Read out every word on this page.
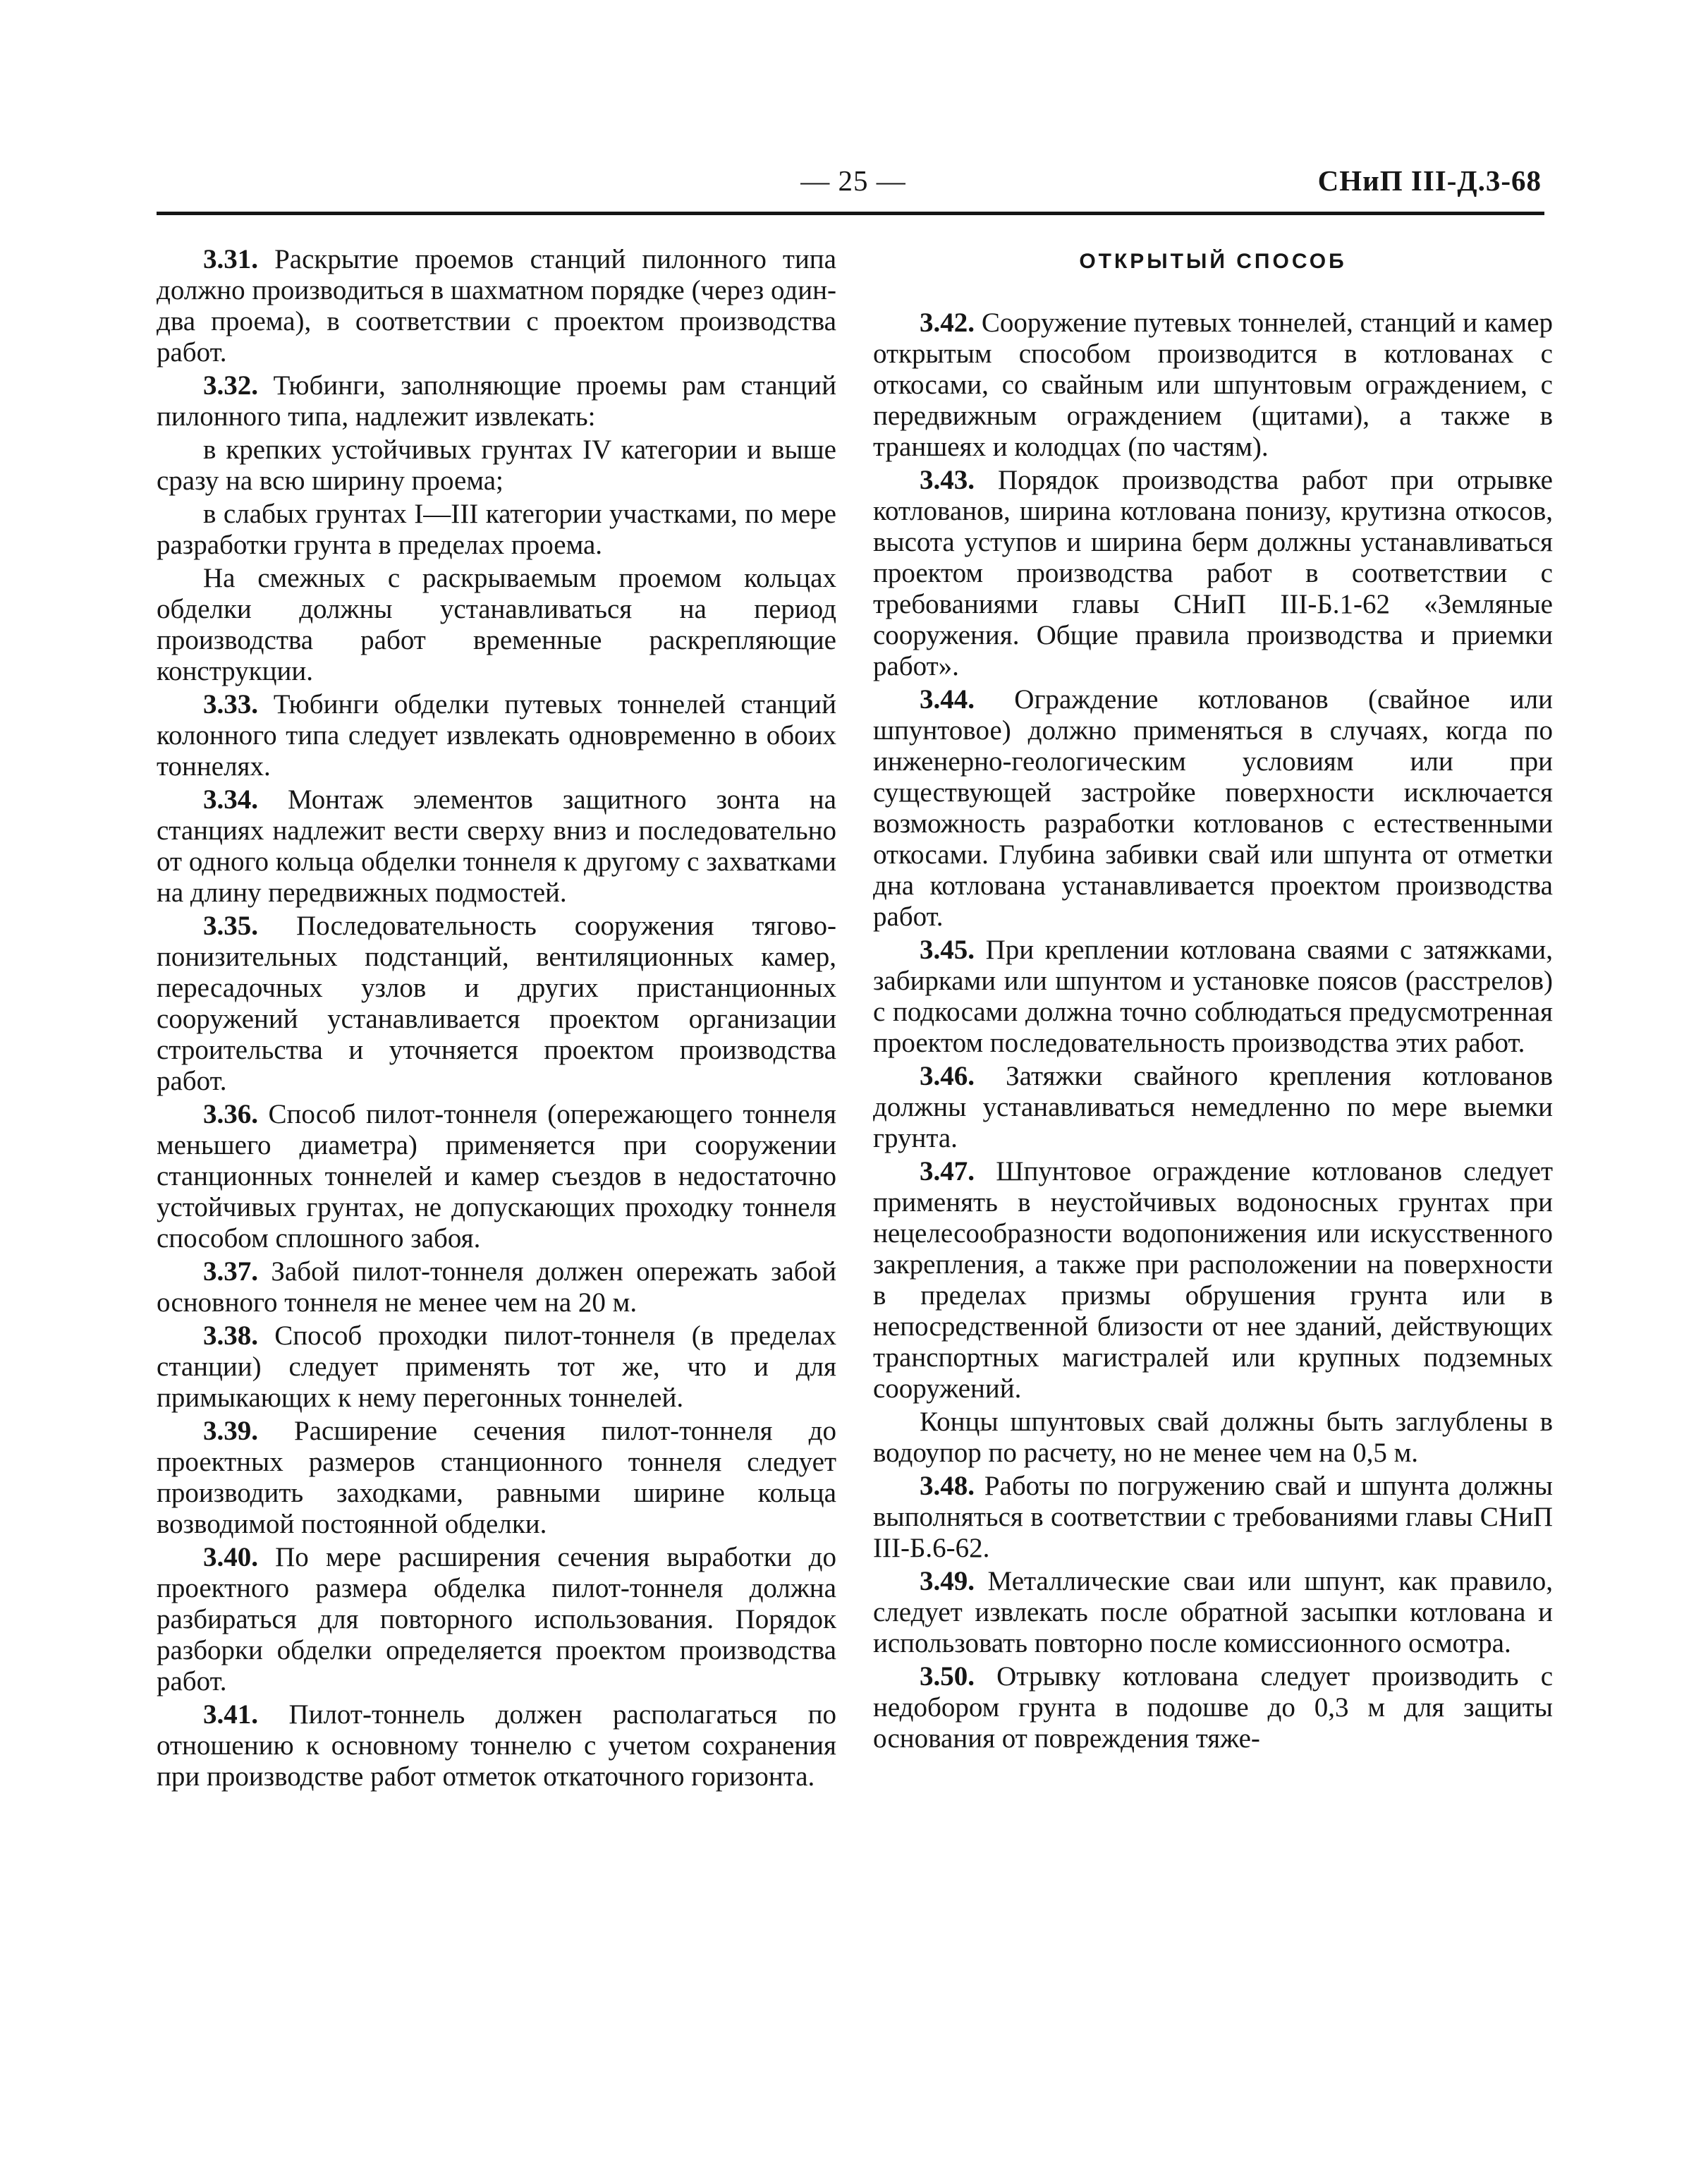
— 25 —	СНиП III-Д.3-68

3.31. Раскрытие проемов станций пилонного типа должно производиться в шахматном порядке (через один-два проема), в соответствии с проектом производства работ.

3.32. Тюбинги, заполняющие проемы рам станций пилонного типа, надлежит извлекать:

в крепких устойчивых грунтах IV категории и выше сразу на всю ширину проема;

в слабых грунтах I—III категории участками, по мере разработки грунта в пределах проема.

На смежных с раскрываемым проемом кольцах обделки должны устанавливаться на период производства работ временные раскрепляющие конструкции.

3.33. Тюбинги обделки путевых тоннелей станций колонного типа следует извлекать одновременно в обоих тоннелях.

3.34. Монтаж элементов защитного зонта на станциях надлежит вести сверху вниз и последовательно от одного кольца обделки тоннеля к другому с захватками на длину передвижных подмостей.

3.35. Последовательность сооружения тягово-понизительных подстанций, вентиляционных камер, пересадочных узлов и других пристанционных сооружений устанавливается проектом организации строительства и уточняется проектом производства работ.

3.36. Способ пилот-тоннеля (опережающего тоннеля меньшего диаметра) применяется при сооружении станционных тоннелей и камер съездов в недостаточно устойчивых грунтах, не допускающих проходку тоннеля способом сплошного забоя.

3.37. Забой пилот-тоннеля должен опережать забой основного тоннеля не менее чем на 20 м.

3.38. Способ проходки пилот-тоннеля (в пределах станции) следует применять тот же, что и для примыкающих к нему перегонных тоннелей.

3.39. Расширение сечения пилот-тоннеля до проектных размеров станционного тоннеля следует производить заходками, равными ширине кольца возводимой постоянной обделки.

3.40. По мере расширения сечения выработки до проектного размера обделка пилот-тоннеля должна разбираться для повторного использования. Порядок разборки обделки определяется проектом производства работ.

3.41. Пилот-тоннель должен располагаться по отношению к основному тоннелю с учетом сохранения при производстве работ отметок откаточного горизонта.

ОТКРЫТЫЙ СПОСОБ

3.42. Сооружение путевых тоннелей, станций и камер открытым способом производится в котлованах с откосами, со свайным или шпунтовым ограждением, с передвижным ограждением (щитами), а также в траншеях и колодцах (по частям).

3.43. Порядок производства работ при отрывке котлованов, ширина котлована понизу, крутизна откосов, высота уступов и ширина берм должны устанавливаться проектом производства работ в соответствии с требованиями главы СНиП III-Б.1-62 «Земляные сооружения. Общие правила производства и приемки работ».

3.44. Ограждение котлованов (свайное или шпунтовое) должно применяться в случаях, когда по инженерно-геологическим условиям или при существующей застройке поверхности исключается возможность разработки котлованов с естественными откосами. Глубина забивки свай или шпунта от отметки дна котлована устанавливается проектом производства работ.

3.45. При креплении котлована сваями с затяжками, забирками или шпунтом и установке поясов (расстрелов) с подкосами должна точно соблюдаться предусмотренная проектом последовательность производства этих работ.

3.46. Затяжки свайного крепления котлованов должны устанавливаться немедленно по мере выемки грунта.

3.47. Шпунтовое ограждение котлованов следует применять в неустойчивых водоносных грунтах при нецелесообразности водопонижения или искусственного закрепления, а также при расположении на поверхности в пределах призмы обрушения грунта или в непосредственной близости от нее зданий, действующих транспортных магистралей или крупных подземных сооружений.

Концы шпунтовых свай должны быть заглублены в водоупор по расчету, но не менее чем на 0,5 м.

3.48. Работы по погружению свай и шпунта должны выполняться в соответствии с требованиями главы СНиП III-Б.6-62.

3.49. Металлические сваи или шпунт, как правило, следует извлекать после обратной засыпки котлована и использовать повторно после комиссионного осмотра.

3.50. Отрывку котлована следует производить с недобором грунта в подошве до 0,3 м для защиты основания от повреждения тяже-
